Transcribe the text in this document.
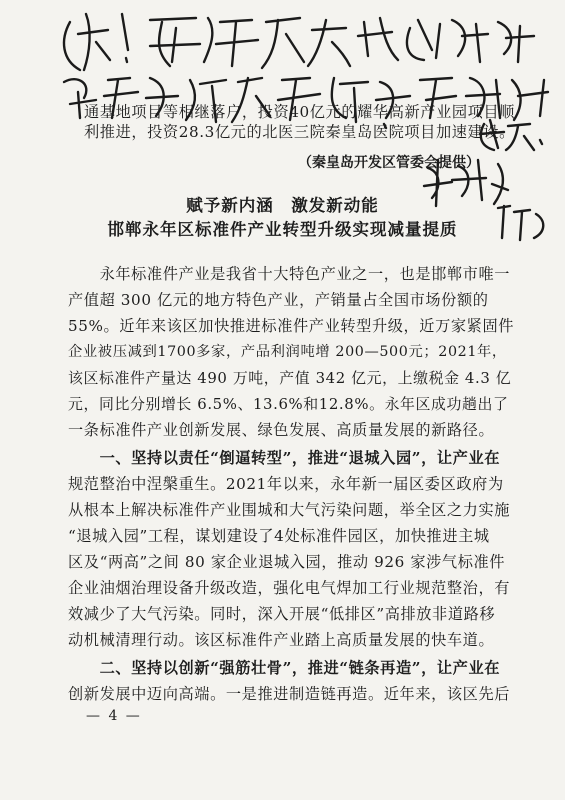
通基地项目等相继落户，投资40亿元的耀华高新产业园项目顺
利推进，投资28.3亿元的北医三院秦皇岛医院项目加速建设。
（秦皇岛开发区管委会提供）
赋予新内涵　激发新动能
邯郸永年区标准件产业转型升级实现减量提质
　　永年标准件产业是我省十大特色产业之一，也是邯郸市唯一
产值超 300 亿元的地方特色产业，产销量占全国市场份额的
55%。近年来该区加快推进标准件产业转型升级，近万家紧固件
企业被压减到1700多家，产品利润吨增 200—500元；2021年，
该区标准件产量达 490 万吨，产值 342 亿元，上缴税金 4.3 亿
元，同比分别增长 6.5%、13.6%和12.8%。永年区成功趟出了
一条标准件产业创新发展、绿色发展、高质量发展的新路径。
　　一、坚持以责任“倒逼转型”，推进“退城入园”，让产业在
规范整治中涅槃重生。2021年以来，永年新一届区委区政府为
从根本上解决标准件产业围城和大气污染问题，举全区之力实施
“退城入园”工程，谋划建设了4处标准件园区，加快推进主城
区及“两高”之间 80 家企业退城入园，推动 926 家涉气标准件
企业油烟治理设备升级改造，强化电气焊加工行业规范整治，有
效减少了大气污染。同时，深入开展“低排区”高排放非道路移
动机械清理行动。该区标准件产业踏上高质量发展的快车道。
　　二、坚持以创新“强筋壮骨”，推进“链条再造”，让产业在
创新发展中迈向高端。一是推进制造链再造。近年来，该区先后
— 4 —
